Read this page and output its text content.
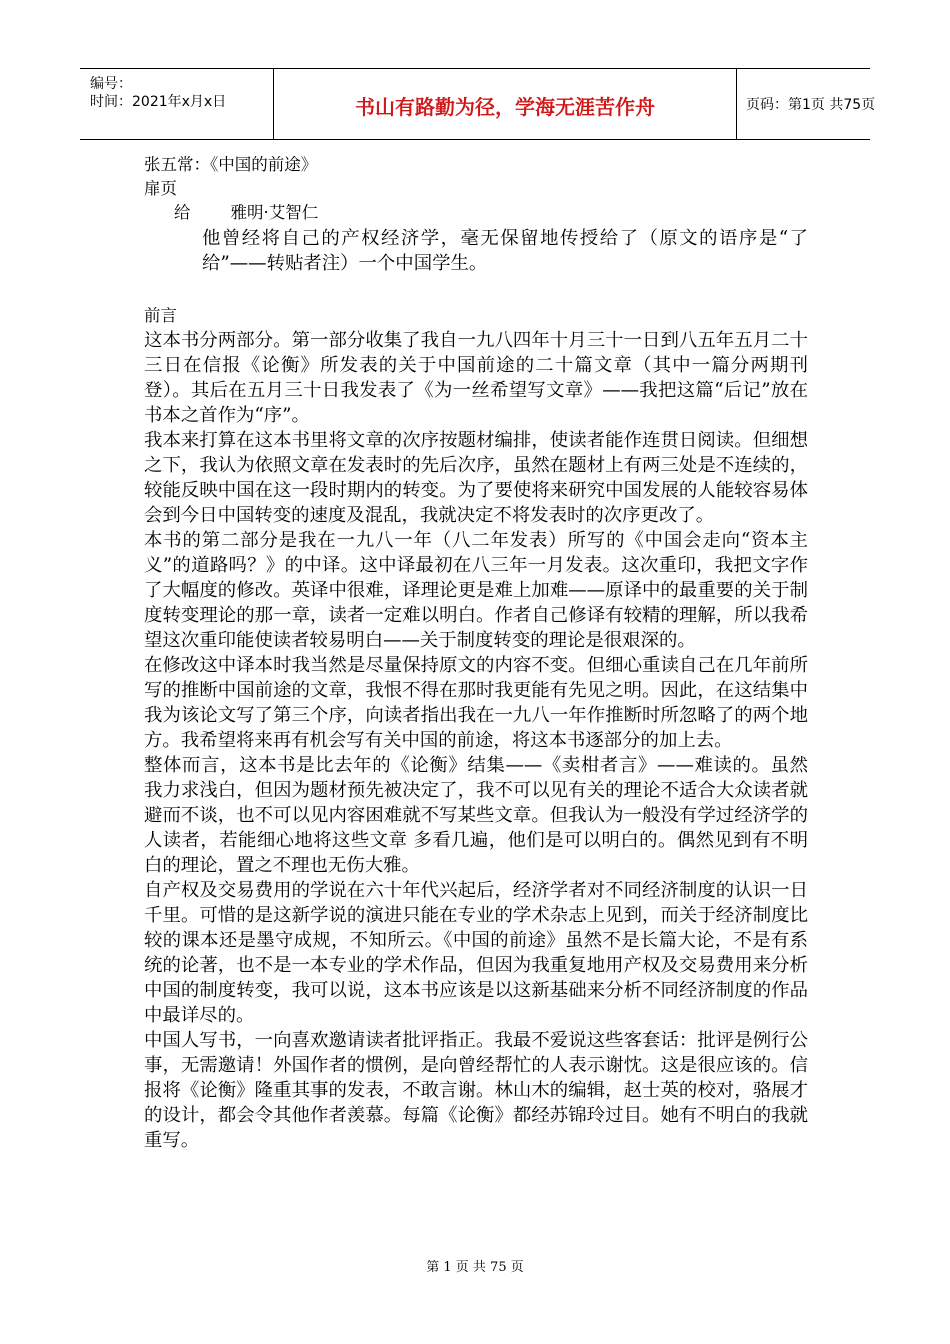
编号：
时间：2021年x月x日	书山有路勤为径，学海无涯苦作舟	页码：第1页 共75页
张五常：《中国的前途》
扉页
给 雅明·艾智仁

他曾经将自己的产权经济学，毫无保留地传授给了（原文的语序是“了给”——转贴者注）一个中国学生。

前言

这本书分两部分。第一部分收集了我自一九八四年十月三十一日到八五年五月二十三日在信报《论衡》所发表的关于中国前途的二十篇文章（其中一篇分两期刊登）。其后在五月三十日我发表了《为一丝希望写文章》——我把这篇“后记”放在书本之首作为“序”。

我本来打算在这本书里将文章的次序按题材编排，使读者能作连贯日阅读。但细想之下，我认为依照文章在发表时的先后次序，虽然在题材上有两三处是不连续的，较能反映中国在这一段时期内的转变。为了要使将来研究中国发展的人能较容易体会到今日中国转变的速度及混乱，我就决定不将发表时的次序更改了。

本书的第二部分是我在一九八一年（八二年发表）所写的《中国会走向“资本主义”的道路吗？》的中译。这中译最初在八三年一月发表。这次重印，我把文字作了大幅度的修改。英译中很难，译理论更是难上加难——原译中的最重要的关于制度转变理论的那一章，读者一定难以明白。作者自己修译有较精的理解，所以我希望这次重印能使读者较易明白——关于制度转变的理论是很艰深的。

在修改这中译本时我当然是尽量保持原文的内容不变。但细心重读自己在几年前所写的推断中国前途的文章，我恨不得在那时我更能有先见之明。因此，在这结集中我为该论文写了第三个序，向读者指出我在一九八一年作推断时所忽略了的两个地方。我希望将来再有机会写有关中国的前途，将这本书逐部分的加上去。

整体而言，这本书是比去年的《论衡》结集——《卖柑者言》——难读的。虽然 我力求浅白，但因为题材预先被决定了，我不可以见有关的理论不适合大众读者就避而不谈，也不可以见内容困难就不写某些文章。但我认为一般没有学过经济学的人读者，若能细心地将这些文章 多看几遍，他们是可以明白的。偶然见到有不明白的理论，置之不理也无伤大雅。

自产权及交易费用的学说在六十年代兴起后，经济学者对不同经济制度的认识一日千里。可惜的是这新学说的演进只能在专业的学术杂志上见到，而关于经济制度比较的课本还是墨守成规，不知所云。《中国的前途》虽然不是长篇大论，不是有系统的论著，也不是一本专业的学术作品，但因为我重复地用产权及交易费用来分析中国的制度转变，我可以说，这本书应该是以这新基础来分析不同经济制度的作品中最详尽的。

中国人写书，一向喜欢邀请读者批评指正。我最不爱说这些客套话：批评是例行公事，无需邀请！外国作者的惯例，是向曾经帮忙的人表示谢忱。这是很应该的。信报将《论衡》隆重其事的发表，不敢言谢。林山木的编辑，赵士英的校对，骆展才的设计，都会令其他作者羡慕。每篇《论衡》都经苏锦玲过目。她有不明白的我就重写。

第 1 页 共 75 页
